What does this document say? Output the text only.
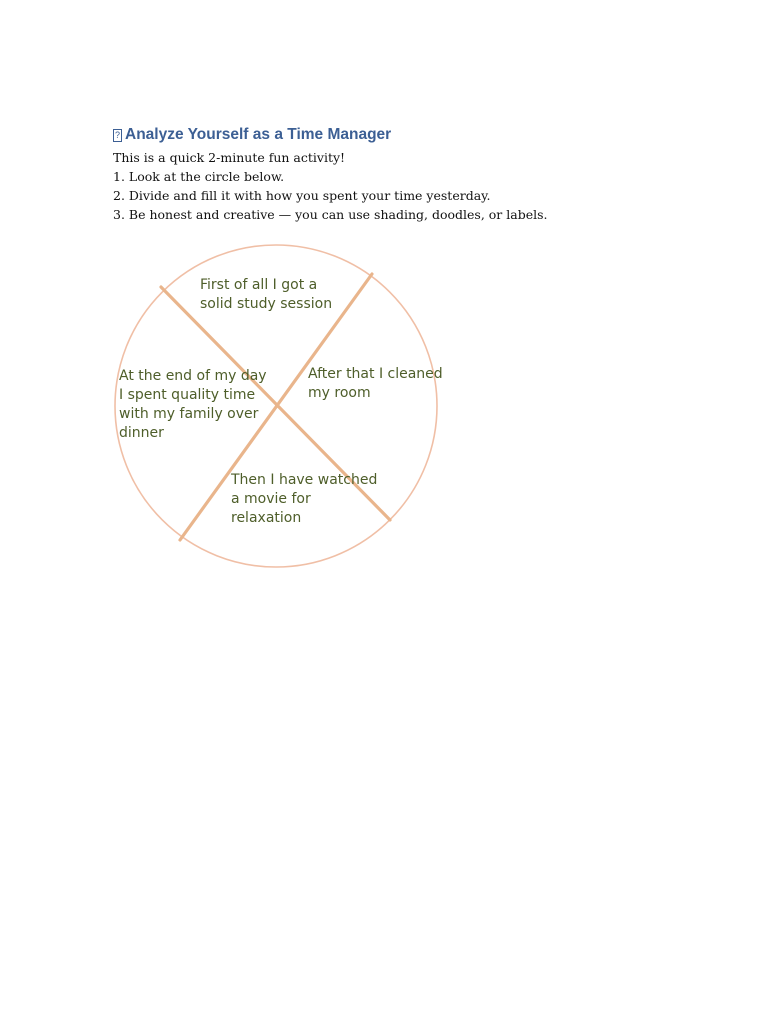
? Analyze Yourself as a Time Manager

This is a quick 2-minute fun activity!

1. Look at the circle below.

2. Divide and fill it with how you spent your time yesterday.

3. Be honest and creative — you can use shading, doodles, or labels.

First of all I got a
solid study session

After that I cleaned
my room

Then I have watched
a movie for
relaxation

At the end of my day
I spent quality time
with my family over
dinner
